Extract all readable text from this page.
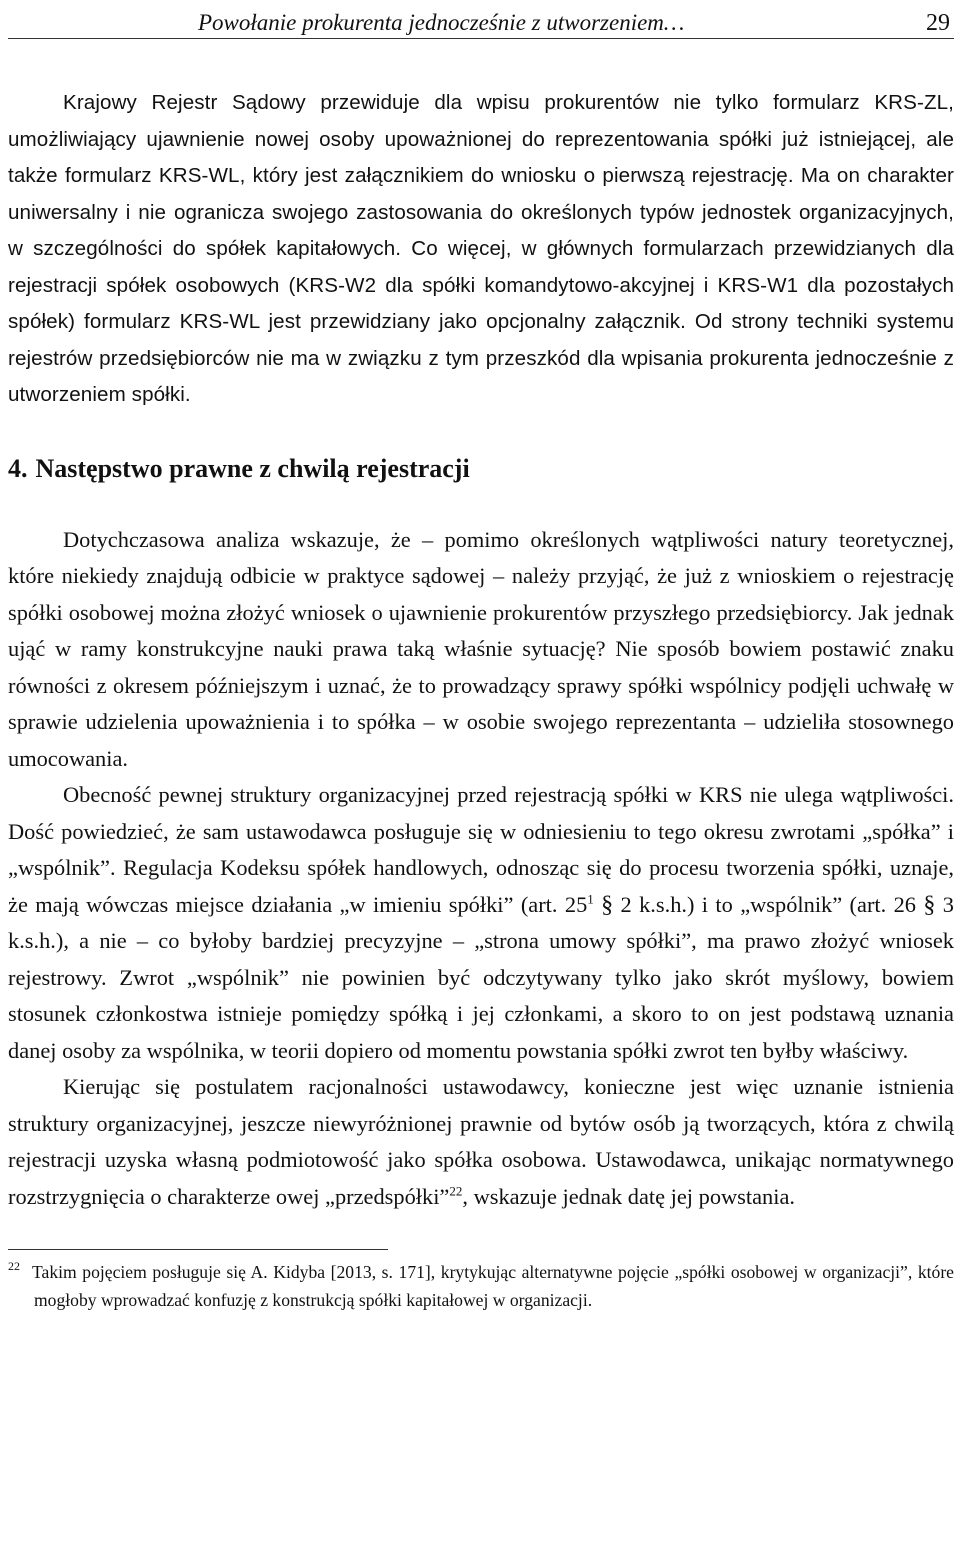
Powołanie prokurenta jednocześnie z utworzeniem…	29

Krajowy Rejestr Sądowy przewiduje dla wpisu prokurentów nie tylko formularz KRS-ZL, umożliwiający ujawnienie nowej osoby upoważnionej do reprezentowania spółki już istniejącej, ale także formularz KRS-WL, który jest załącznikiem do wniosku o pierwszą rejestrację. Ma on charakter uniwersalny i nie ogranicza swojego zastosowania do określonych typów jednostek organizacyjnych, w szczególności do spółek kapitałowych. Co więcej, w głównych formularzach przewidzianych dla rejestracji spółek osobowych (KRS-W2 dla spółki komandytowo-akcyjnej i KRS-W1 dla pozostałych spółek) formularz KRS-WL jest przewidziany jako opcjonalny załącznik. Od strony techniki systemu rejestrów przedsiębiorców nie ma w związku z tym przeszkód dla wpisania prokurenta jednocześnie z utworzeniem spółki.

4. Następstwo prawne z chwilą rejestracji

Dotychczasowa analiza wskazuje, że – pomimo określonych wątpliwości natury teoretycznej, które niekiedy znajdują odbicie w praktyce sądowej – należy przyjąć, że już z wnioskiem o rejestrację spółki osobowej można złożyć wniosek o ujawnienie prokurentów przyszłego przedsiębiorcy. Jak jednak ująć w ramy konstrukcyjne nauki prawa taką właśnie sytuację? Nie sposób bowiem postawić znaku równości z okresem późniejszym i uznać, że to prowadzący sprawy spółki wspólnicy podjęli uchwałę w sprawie udzielenia upoważnienia i to spółka – w osobie swojego reprezentanta – udzieliła stosownego umocowania.

Obecność pewnej struktury organizacyjnej przed rejestracją spółki w KRS nie ulega wątpliwości. Dość powiedzieć, że sam ustawodawca posługuje się w odniesieniu to tego okresu zwrotami „spółka” i „wspólnik”. Regulacja Kodeksu spółek handlowych, odnosząc się do procesu tworzenia spółki, uznaje, że mają wówczas miejsce działania „w imieniu spółki” (art. $25^1$ § 2 k.s.h.) i to „wspólnik” (art. 26 § 3 k.s.h.), a nie – co byłoby bardziej precyzyjne – „strona umowy spółki”, ma prawo złożyć wniosek rejestrowy. Zwrot „wspólnik” nie powinien być odczytywany tylko jako skrót myślowy, bowiem stosunek członkostwa istnieje pomiędzy spółką i jej członkami, a skoro to on jest podstawą uznania danej osoby za wspólnika, w teorii dopiero od momentu powstania spółki zwrot ten byłby właściwy.

Kierując się postulatem racjonalności ustawodawcy, konieczne jest więc uznanie istnienia struktury organizacyjnej, jeszcze niewyróżnionej prawnie od bytów osób ją tworzących, która z chwilą rejestracji uzyska własną podmiotowość jako spółka osobowa. Ustawodawca, unikając normatywnego rozstrzygnięcia o charakterze owej „przedspółki”$^{22}$, wskazuje jednak datę jej powstania.

$^{22}$ Takim pojęciem posługuje się A. Kidyba [2013, s. 171], krytykując alternatywne pojęcie „spółki osobowej w organizacji”, które mogłoby wprowadzać konfuzję z konstrukcją spółki kapitałowej w organizacji.
